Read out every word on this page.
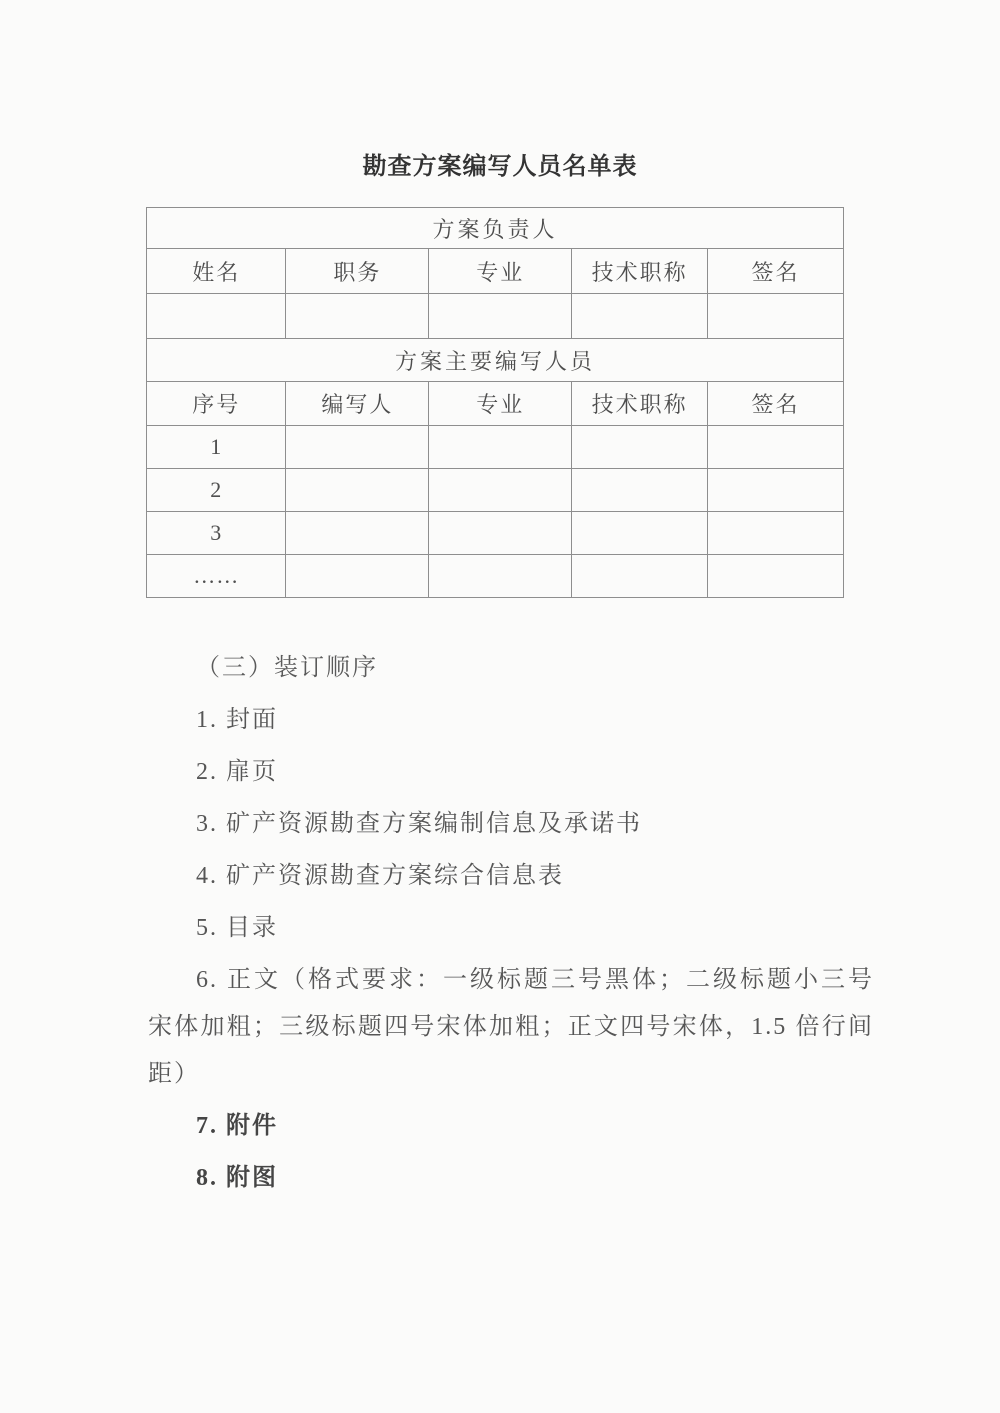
勘查方案编写人员名单表
方案负责人				
姓名	职务	专业	技术职称	签名

方案主要编写人员				
序号	编写人	专业	技术职称	签名
1				
2				
3				
……				

（三）装订顺序

1. 封面

2. 扉页

3. 矿产资源勘查方案编制信息及承诺书

4. 矿产资源勘查方案综合信息表

5. 目录

6. 正文（格式要求：一级标题三号黑体；二级标题小三号宋体加粗；三级标题四号宋体加粗；正文四号宋体，1.5 倍行间距）

7. 附件

8. 附图
